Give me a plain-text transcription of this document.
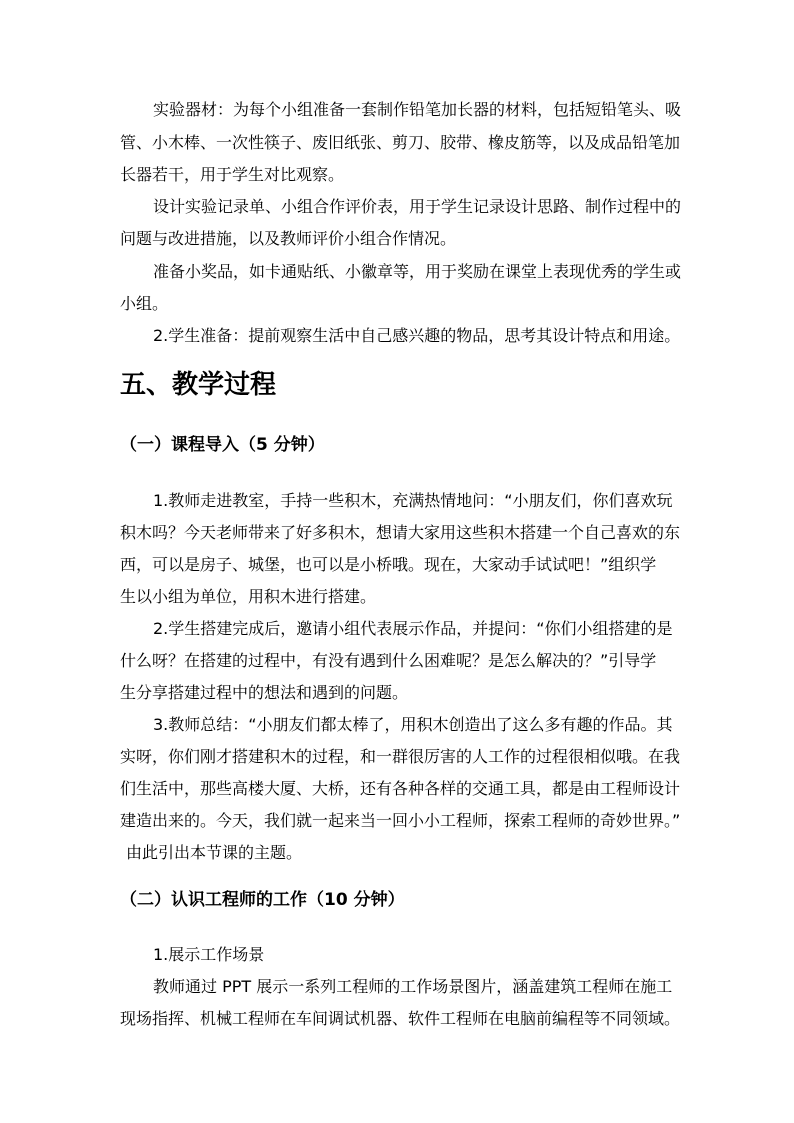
实验器材：为每个小组准备一套制作铅笔加长器的材料，包括短铅笔头、吸
管、小木棒、一次性筷子、废旧纸张、剪刀、胶带、橡皮筋等，以及成品铅笔加
长器若干，用于学生对比观察。
设计实验记录单、小组合作评价表，用于学生记录设计思路、制作过程中的
问题与改进措施，以及教师评价小组合作情况。
准备小奖品，如卡通贴纸、小徽章等，用于奖励在课堂上表现优秀的学生或
小组。
2.学生准备：提前观察生活中自己感兴趣的物品，思考其设计特点和用途。
五、教学过程
（一）课程导入（5 分钟）
1.教师走进教室，手持一些积木，充满热情地问：“小朋友们，你们喜欢玩
积木吗？今天老师带来了好多积木，想请大家用这些积木搭建一个自己喜欢的东
西，可以是房子、城堡，也可以是小桥哦。现在，大家动手试试吧！”组织学
生以小组为单位，用积木进行搭建。
2.学生搭建完成后，邀请小组代表展示作品，并提问：“你们小组搭建的是
什么呀？在搭建的过程中，有没有遇到什么困难呢？是怎么解决的？”引导学
生分享搭建过程中的想法和遇到的问题。
3.教师总结：“小朋友们都太棒了，用积木创造出了这么多有趣的作品。其
实呀，你们刚才搭建积木的过程，和一群很厉害的人工作的过程很相似哦。在我
们生活中，那些高楼大厦、大桥，还有各种各样的交通工具，都是由工程师设计
建造出来的。今天，我们就一起来当一回小小工程师，探索工程师的奇妙世界。”
由此引出本节课的主题。
（二）认识工程师的工作（10 分钟）
1.展示工作场景
教师通过 PPT 展示一系列工程师的工作场景图片，涵盖建筑工程师在施工
现场指挥、机械工程师在车间调试机器、软件工程师在电脑前编程等不同领域。
